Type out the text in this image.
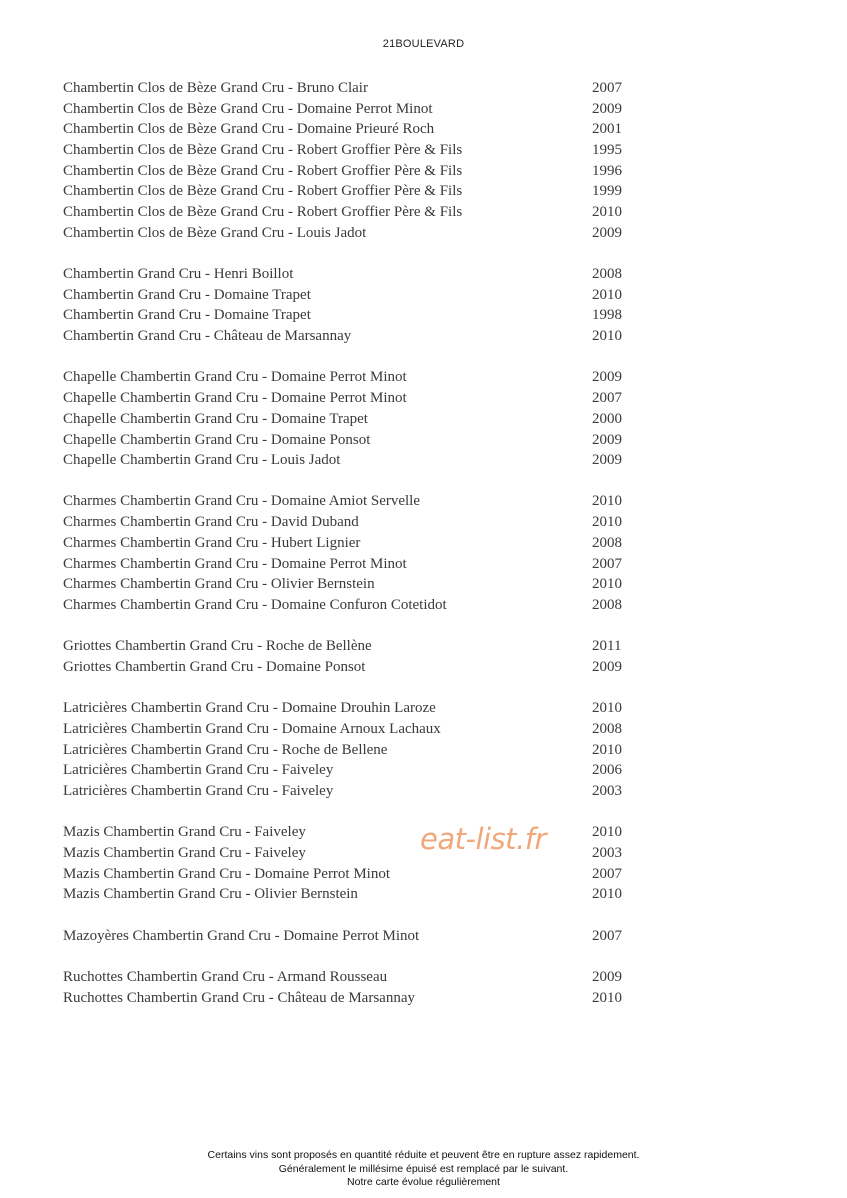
21BOULEVARD
Chambertin Clos de Bèze Grand Cru - Bruno Clair	2007
Chambertin Clos de Bèze Grand Cru - Domaine Perrot Minot	2009
Chambertin Clos de Bèze Grand Cru - Domaine Prieuré Roch	2001
Chambertin Clos de Bèze Grand Cru - Robert Groffier Père & Fils	1995
Chambertin Clos de Bèze Grand Cru - Robert Groffier Père & Fils	1996
Chambertin Clos de Bèze Grand Cru - Robert Groffier Père & Fils	1999
Chambertin Clos de Bèze Grand Cru - Robert Groffier Père & Fils	2010
Chambertin Clos de Bèze Grand Cru - Louis Jadot	2009
Chambertin Grand Cru - Henri Boillot	2008
Chambertin Grand Cru - Domaine Trapet	2010
Chambertin Grand Cru - Domaine Trapet	1998
Chambertin Grand Cru - Château de Marsannay	2010
Chapelle Chambertin Grand Cru - Domaine Perrot Minot	2009
Chapelle Chambertin Grand Cru - Domaine Perrot Minot	2007
Chapelle Chambertin Grand Cru - Domaine Trapet	2000
Chapelle Chambertin Grand Cru - Domaine Ponsot	2009
Chapelle Chambertin Grand Cru - Louis Jadot	2009
Charmes Chambertin Grand Cru - Domaine Amiot Servelle	2010
Charmes Chambertin Grand Cru - David Duband	2010
Charmes Chambertin Grand Cru - Hubert Lignier	2008
Charmes Chambertin Grand Cru - Domaine Perrot Minot	2007
Charmes Chambertin Grand Cru - Olivier Bernstein	2010
Charmes Chambertin Grand Cru - Domaine Confuron Cotetidot	2008
Griottes Chambertin Grand Cru - Roche de Bellène	2011
Griottes Chambertin Grand Cru - Domaine Ponsot	2009
Latricières Chambertin Grand Cru - Domaine Drouhin Laroze	2010
Latricières Chambertin Grand Cru - Domaine Arnoux Lachaux	2008
Latricières Chambertin Grand Cru - Roche de Bellene	2010
Latricières Chambertin Grand Cru - Faiveley	2006
Latricières Chambertin Grand Cru - Faiveley	2003
Mazis Chambertin Grand Cru - Faiveley	2010
Mazis Chambertin Grand Cru - Faiveley	2003
Mazis Chambertin Grand Cru - Domaine Perrot Minot	2007
Mazis Chambertin Grand Cru - Olivier Bernstein	2010
Mazoyères Chambertin Grand Cru - Domaine Perrot Minot	2007
Ruchottes Chambertin Grand Cru - Armand Rousseau	2009
Ruchottes Chambertin Grand Cru - Château de Marsannay	2010
eat-list.fr
Certains vins sont proposés en quantité réduite et peuvent être en rupture assez rapidement.
Généralement le millésime épuisé est remplacé par le suivant.
Notre carte évolue régulièrement
